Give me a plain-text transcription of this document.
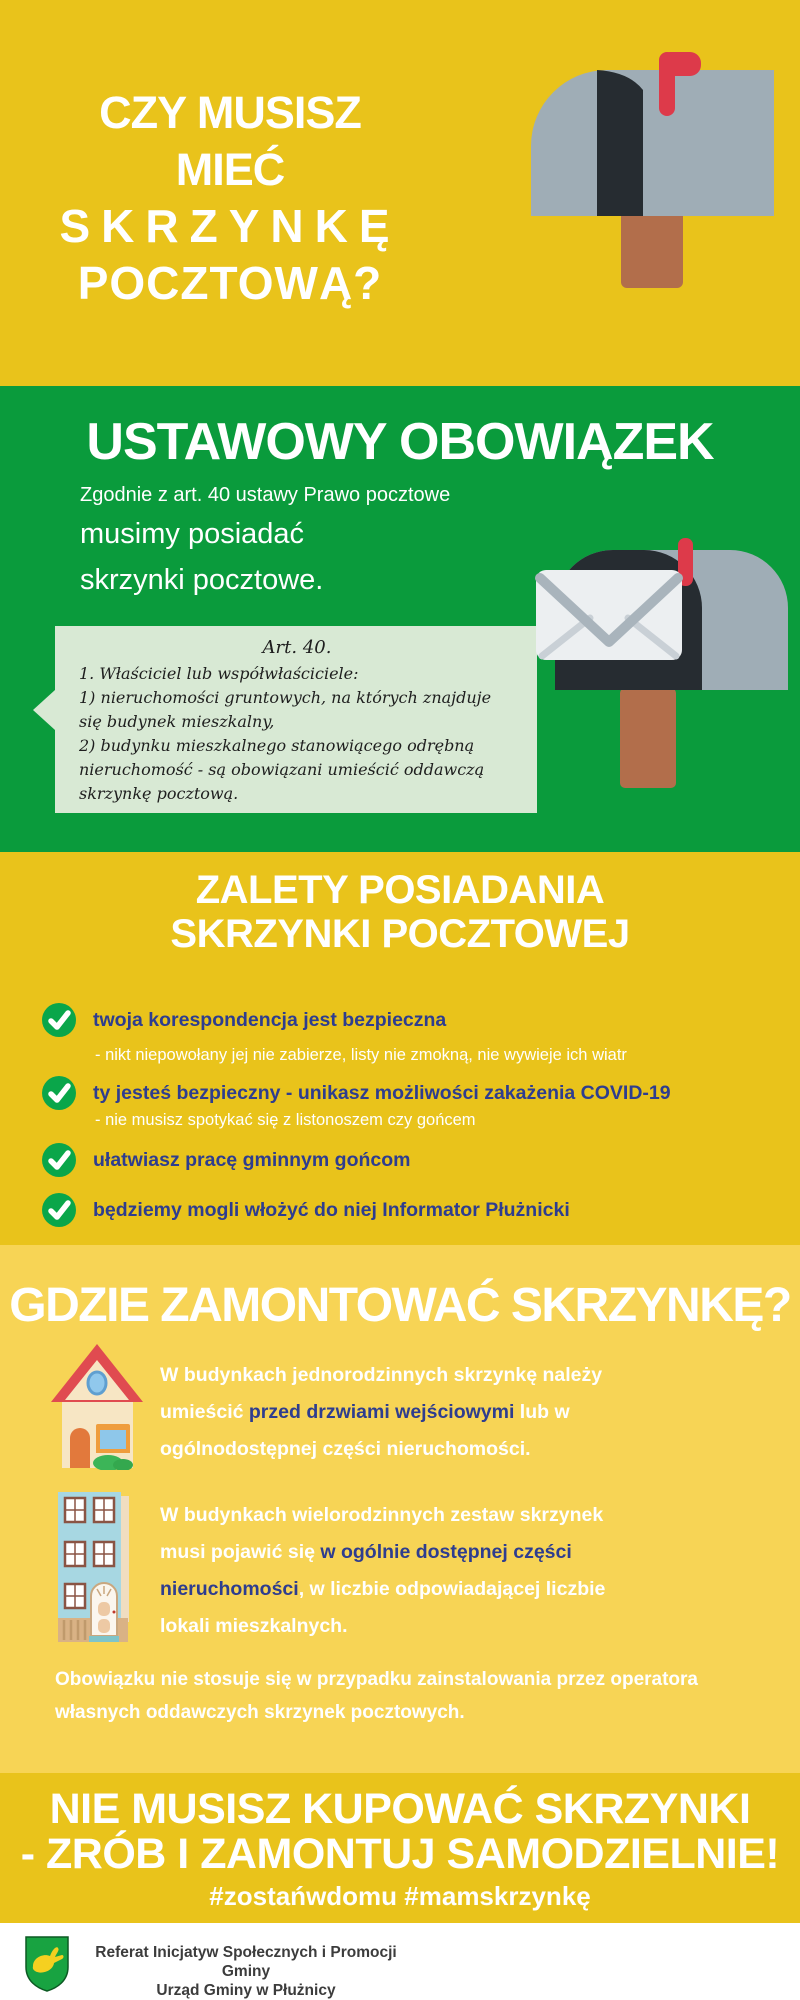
CZY MUSISZ MIEĆ
SKRZYNKĘ
POCZTOWĄ?
USTAWOWY OBOWIĄZEK
Zgodnie z art. 40 ustawy Prawo pocztowe
musimy posiadać
skrzynki pocztowe.
Art. 40.
1. Właściciel lub współwłaściciele:
1) nieruchomości gruntowych, na których znajduje się budynek mieszkalny,
2) budynku mieszkalnego stanowiącego odrębną nieruchomość - są obowiązani umieścić oddawczą skrzynkę pocztową.
ZALETY POSIADANIA
SKRZYNKI POCZTOWEJ
twoja korespondencja jest bezpieczna
- nikt niepowołany jej nie zabierze, listy nie zmokną, nie wywieje ich wiatr
ty jesteś bezpieczny - unikasz możliwości zakażenia COVID-19
- nie musisz spotykać się z listonoszem czy gońcem
ułatwiasz pracę gminnym gońcom
będziemy mogli włożyć do niej Informator Płużnicki
GDZIE ZAMONTOWAĆ SKRZYNKĘ?
W budynkach jednorodzinnych skrzynkę należy
umieścić przed drzwiami wejściowymi lub w
ogólnodostępnej części nieruchomości.
W budynkach wielorodzinnych zestaw skrzynek
musi pojawić się w ogólnie dostępnej części
nieruchomości, w liczbie odpowiadającej liczbie
lokali mieszkalnych.
Obowiązku nie stosuje się w przypadku zainstalowania przez operatora
własnych oddawczych skrzynek pocztowych.
NIE MUSISZ KUPOWAĆ SKRZYNKI
- ZRÓB I ZAMONTUJ SAMODZIELNIE!
#zostańwdomu #mamskrzynkę
Referat Inicjatyw Społecznych i Promocji Gminy
Urząd Gminy w Płużnicy
